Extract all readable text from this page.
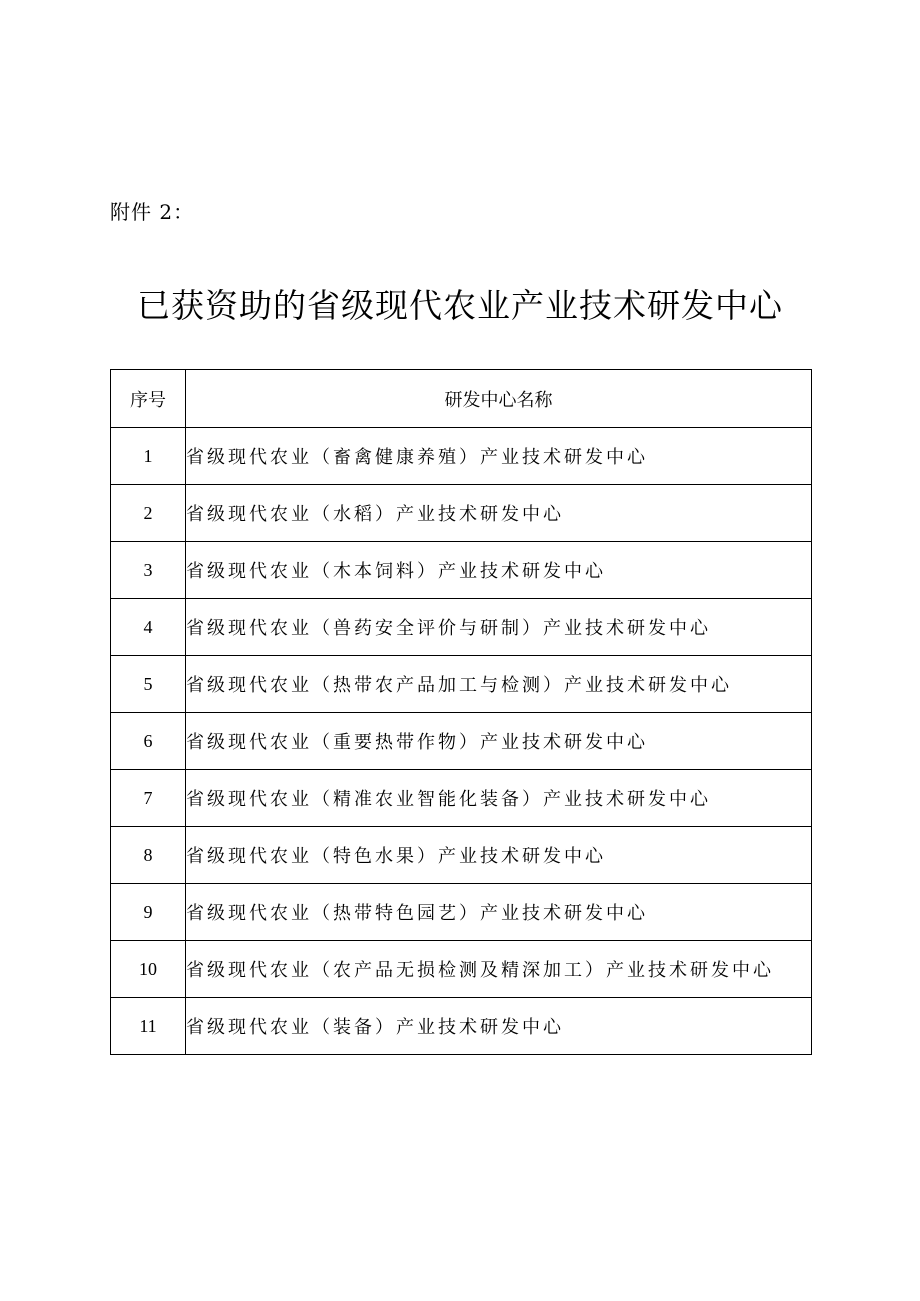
附件 2：
已获资助的省级现代农业产业技术研发中心
序号	研发中心名称
1	省级现代农业（畜禽健康养殖）产业技术研发中心
2	省级现代农业（水稻）产业技术研发中心
3	省级现代农业（木本饲料）产业技术研发中心
4	省级现代农业（兽药安全评价与研制）产业技术研发中心
5	省级现代农业（热带农产品加工与检测）产业技术研发中心
6	省级现代农业（重要热带作物）产业技术研发中心
7	省级现代农业（精准农业智能化装备）产业技术研发中心
8	省级现代农业（特色水果）产业技术研发中心
9	省级现代农业（热带特色园艺）产业技术研发中心
10	省级现代农业（农产品无损检测及精深加工）产业技术研发中心
11	省级现代农业（装备）产业技术研发中心
